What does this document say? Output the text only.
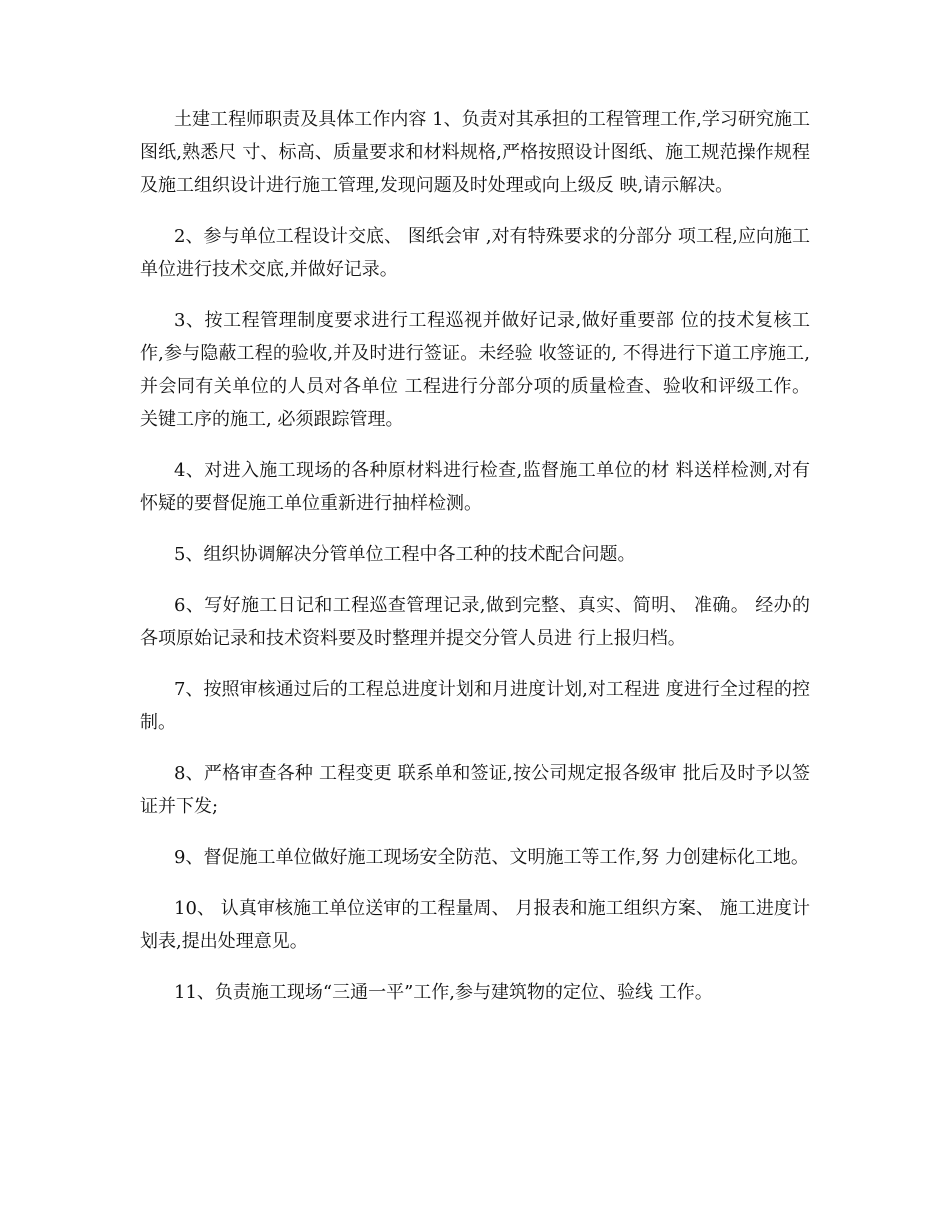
土建工程师职责及具体工作内容 1、负责对其承担的工程管理工作,学习研究施工图纸,熟悉尺 寸、标高、质量要求和材料规格,严格按照设计图纸、施工规范操作规程及施工组织设计进行施工管理,发现问题及时处理或向上级反 映,请示解决。

2、参与单位工程设计交底、 图纸会审 ,对有特殊要求的分部分 项工程,应向施工单位进行技术交底,并做好记录。

3、按工程管理制度要求进行工程巡视并做好记录,做好重要部 位的技术复核工作,参与隐蔽工程的验收,并及时进行签证。未经验 收签证的, 不得进行下道工序施工, 并会同有关单位的人员对各单位 工程进行分部分项的质量检查、验收和评级工作。关键工序的施工, 必须跟踪管理。

4、对进入施工现场的各种原材料进行检查,监督施工单位的材 料送样检测,对有怀疑的要督促施工单位重新进行抽样检测。

5、组织协调解决分管单位工程中各工种的技术配合问题。

6、写好施工日记和工程巡查管理记录,做到完整、真实、简明、 准确。 经办的各项原始记录和技术资料要及时整理并提交分管人员进 行上报归档。

7、按照审核通过后的工程总进度计划和月进度计划,对工程进 度进行全过程的控制。

8、严格审查各种 工程变更 联系单和签证,按公司规定报各级审 批后及时予以签证并下发;

9、督促施工单位做好施工现场安全防范、文明施工等工作,努 力创建标化工地。

10、 认真审核施工单位送审的工程量周、 月报表和施工组织方案、 施工进度计划表,提出处理意见。

11、负责施工现场“三通一平”工作,参与建筑物的定位、验线 工作。
